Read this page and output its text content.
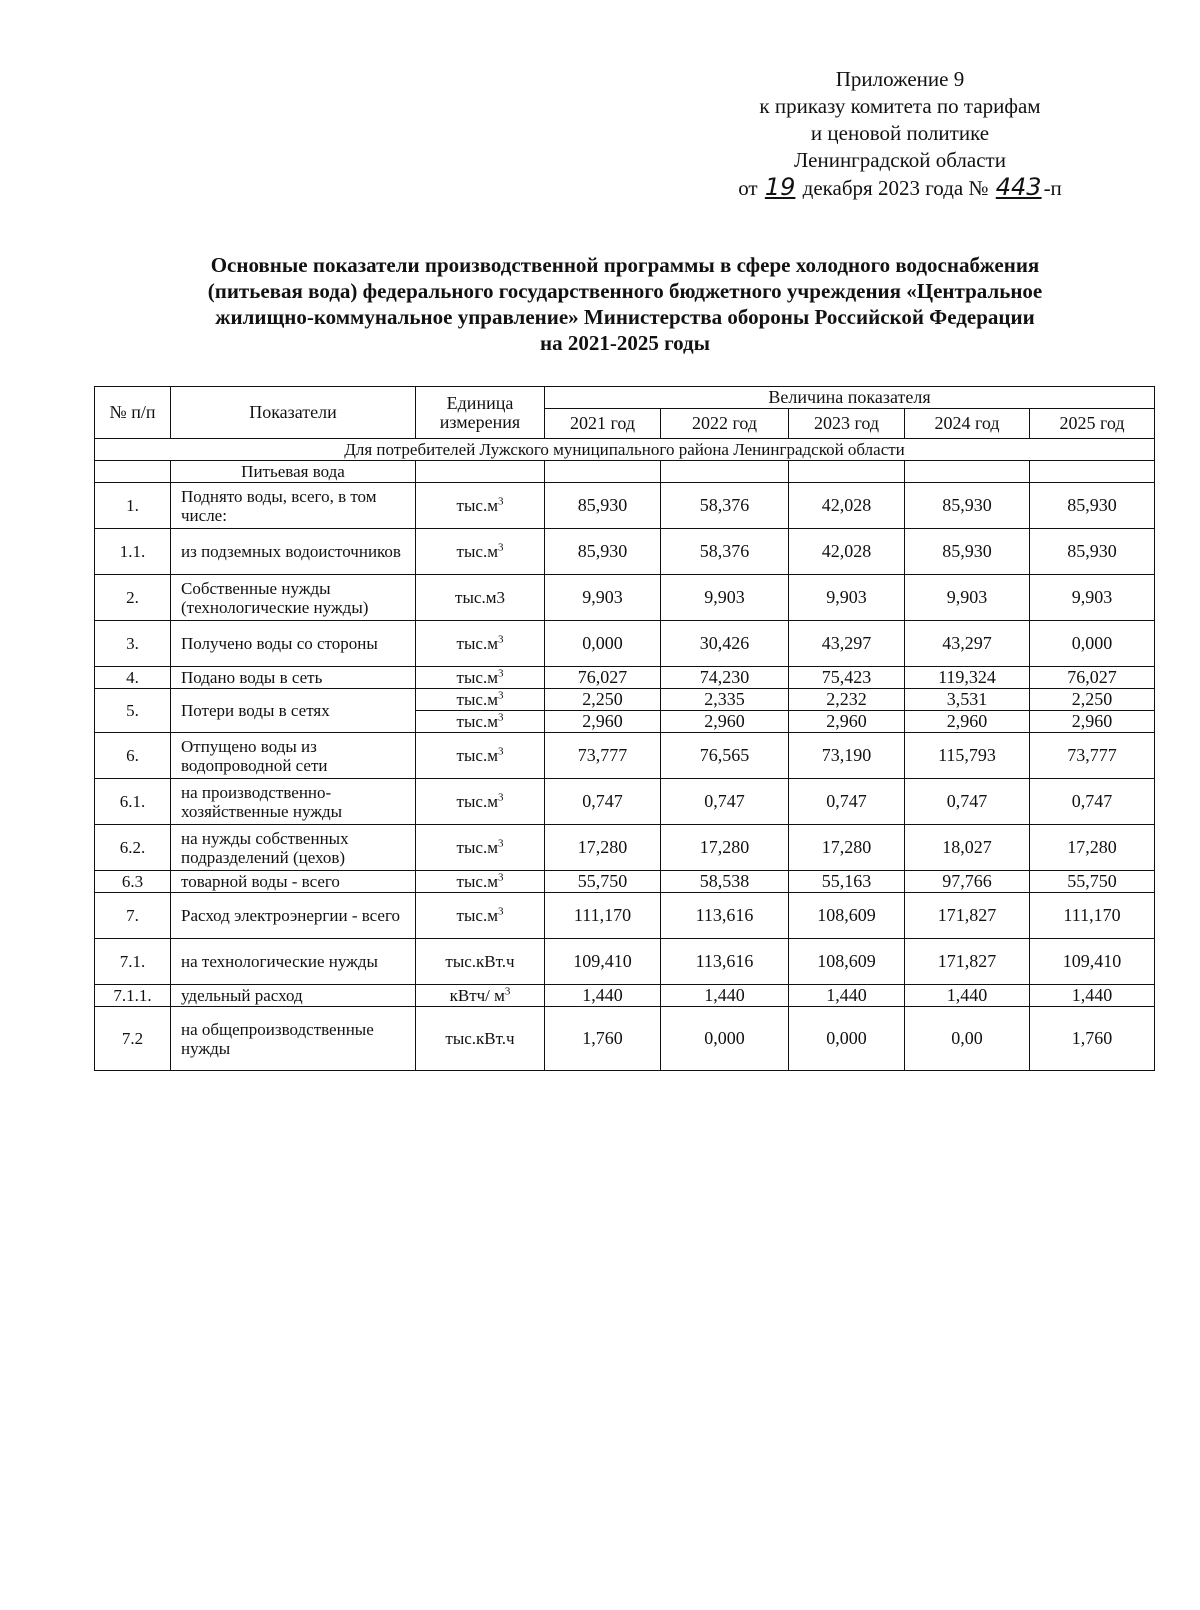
Приложение 9
к приказу комитета по тарифам
и ценовой политике
Ленинградской области
от 19 декабря 2023 года № 443-п
Основные показатели производственной программы в сфере холодного водоснабжения
(питьевая вода) федерального государственного бюджетного учреждения «Центральное
жилищно-коммунальное управление» Министерства обороны Российской Федерации
на 2021-2025 годы
№ п/п	Показатели	Единица измерения	Величина показателя				
			2021 год	2022 год	2023 год	2024 год	2025 год
Для потребителей Лужского муниципального района Ленинградской области							
	Питьевая вода						
1.	Поднято воды, всего, в том числе:	$тыс.м^3$	85,930	58,376	42,028	85,930	85,930
1.1.	из подземных водоисточников	$тыс.м^3$	85,930	58,376	42,028	85,930	85,930
2.	Собственные нужды (технологические нужды)	тыс.м3	9,903	9,903	9,903	9,903	9,903
3.	Получено воды со стороны	$тыс.м^3$	0,000	30,426	43,297	43,297	0,000
4.	Подано воды в сеть	$тыс.м^3$	76,027	74,230	75,423	119,324	76,027
5.	Потери воды в сетях	$тыс.м^3$	2,250	2,335	2,232	3,531	2,250
		$тыс.м^3$	2,960	2,960	2,960	2,960	2,960
6.	Отпущено воды из водопроводной сети	$тыс.м^3$	73,777	76,565	73,190	115,793	73,777
6.1.	на производственно-хозяйственные нужды	$тыс.м^3$	0,747	0,747	0,747	0,747	0,747
6.2.	на нужды собственных подразделений (цехов)	$тыс.м^3$	17,280	17,280	17,280	18,027	17,280
6.3	товарной воды - всего	$тыс.м^3$	55,750	58,538	55,163	97,766	55,750
7.	Расход электроэнергии - всего	$тыс.м^3$	111,170	113,616	108,609	171,827	111,170
7.1.	на технологические нужды	тыс.кВт.ч	109,410	113,616	108,609	171,827	109,410
7.1.1.	удельный расход	кВтч/ $м^3$	1,440	1,440	1,440	1,440	1,440
7.2	на общепроизводственные нужды	тыс.кВт.ч	1,760	0,000	0,000	0,00	1,760
